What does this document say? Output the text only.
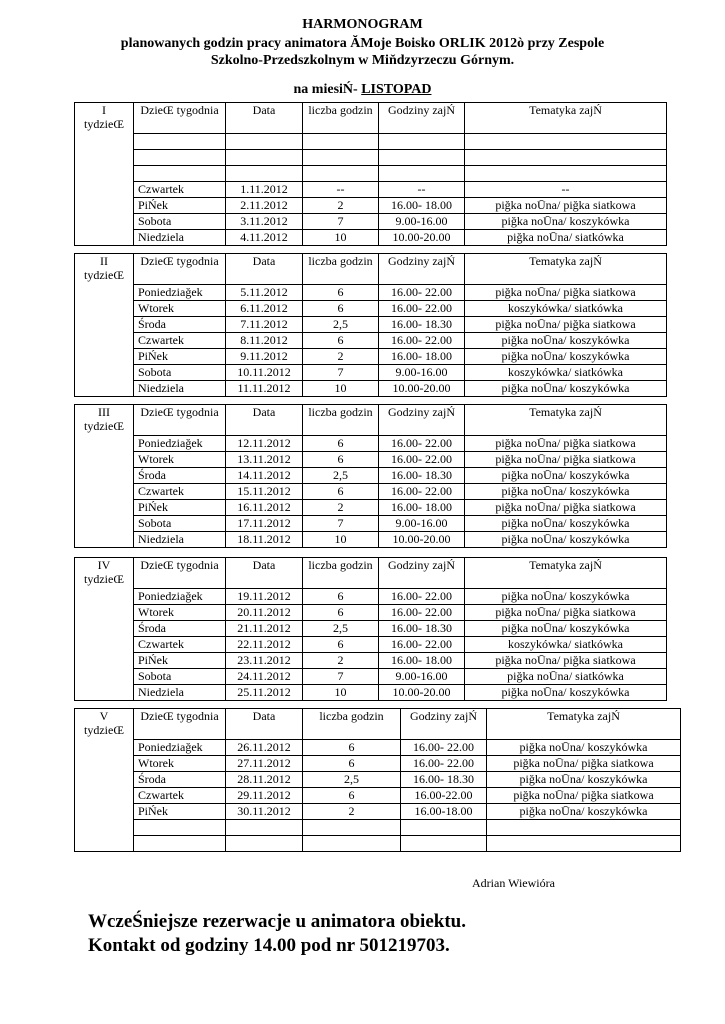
HARMONOGRAM
planowanych godzin pracy animatora ĂMoje Boisko ORLIK 2012ò przy Zespole
Szkolno-Przedszkolnym w Miňdzyrzeczu Górnym.
na miesiŃ- LISTOPAD
I
tydzieŒ	DzieŒ tygodnia	Data	liczba godzin	Godziny zajŃ	Tematyka zajŃ

	Czwartek	1.11.2012	--	--	--
	PiŃek	2.11.2012	2	16.00- 18.00	piğka noŪna/ piğka siatkowa
	Sobota	3.11.2012	7	9.00-16.00	piğka noŪna/ koszykówka
	Niedziela	4.11.2012	10	10.00-20.00	piğka noŪna/ siatkówka
II
tydzieŒ	DzieŒ tygodnia	Data	liczba godzin	Godziny zajŃ	Tematyka zajŃ
	Poniedziağek	5.11.2012	6	16.00- 22.00	piğka noŪna/ piğka siatkowa
	Wtorek	6.11.2012	6	16.00- 22.00	koszykówka/ siatkówka
	Środa	7.11.2012	2,5	16.00- 18.30	piğka noŪna/ piğka siatkowa
	Czwartek	8.11.2012	6	16.00- 22.00	piğka noŪna/ koszykówka
	PiŃek	9.11.2012	2	16.00- 18.00	piğka noŪna/ koszykówka
	Sobota	10.11.2012	7	9.00-16.00	koszykówka/ siatkówka
	Niedziela	11.11.2012	10	10.00-20.00	piğka noŪna/ koszykówka
III
tydzieŒ	DzieŒ tygodnia	Data	liczba godzin	Godziny zajŃ	Tematyka zajŃ
	Poniedziağek	12.11.2012	6	16.00- 22.00	piğka noŪna/ piğka siatkowa
	Wtorek	13.11.2012	6	16.00- 22.00	piğka noŪna/ piğka siatkowa
	Środa	14.11.2012	2,5	16.00- 18.30	piğka noŪna/ koszykówka
	Czwartek	15.11.2012	6	16.00- 22.00	piğka noŪna/ koszykówka
	PiŃek	16.11.2012	2	16.00- 18.00	piğka noŪna/ piğka siatkowa
	Sobota	17.11.2012	7	9.00-16.00	piğka noŪna/ koszykówka
	Niedziela	18.11.2012	10	10.00-20.00	piğka noŪna/ koszykówka
IV
tydzieŒ	DzieŒ tygodnia	Data	liczba godzin	Godziny zajŃ	Tematyka zajŃ
	Poniedziağek	19.11.2012	6	16.00- 22.00	piğka noŪna/ koszykówka
	Wtorek	20.11.2012	6	16.00- 22.00	piğka noŪna/ piğka siatkowa
	Środa	21.11.2012	2,5	16.00- 18.30	piğka noŪna/ koszykówka
	Czwartek	22.11.2012	6	16.00- 22.00	koszykówka/ siatkówka
	PiŃek	23.11.2012	2	16.00- 18.00	piğka noŪna/ piğka siatkowa
	Sobota	24.11.2012	7	9.00-16.00	piğka noŪna/ siatkówka
	Niedziela	25.11.2012	10	10.00-20.00	piğka noŪna/ koszykówka
V
tydzieŒ	DzieŒ tygodnia	Data	liczba godzin	Godziny zajŃ	Tematyka zajŃ
	Poniedziağek	26.11.2012	6	16.00- 22.00	piğka noŪna/ koszykówka
	Wtorek	27.11.2012	6	16.00- 22.00	piğka noŪna/ piğka siatkowa
	Środa	28.11.2012	2,5	16.00- 18.30	piğka noŪna/ koszykówka
	Czwartek	29.11.2012	6	16.00-22.00	piğka noŪna/ piğka siatkowa
	PiŃek	30.11.2012	2	16.00-18.00	piğka noŪna/ koszykówka

Adrian Wiewióra
WczeŚniejsze rezerwacje u animatora obiektu.
Kontakt od godziny 14.00 pod nr 501219703.
